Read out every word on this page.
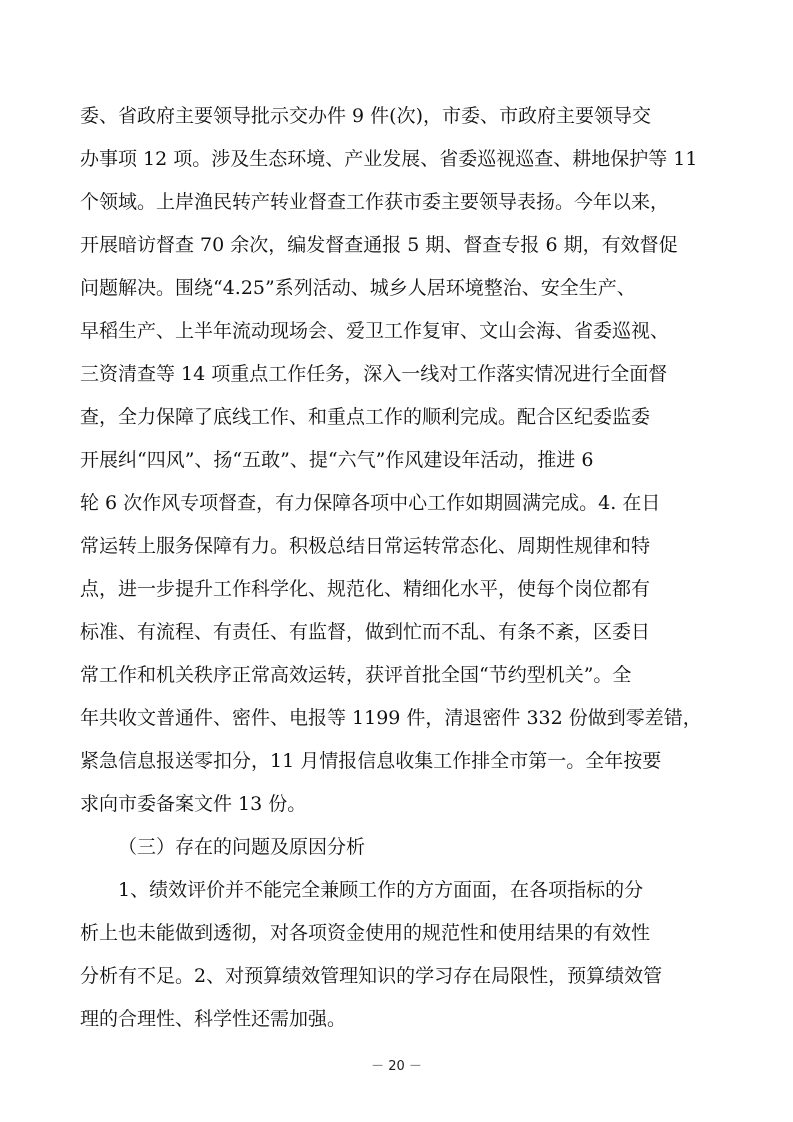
委、省政府主要领导批示交办件 9 件(次)，市委、市政府主要领导交
办事项 12 项。涉及生态环境、产业发展、省委巡视巡查、耕地保护等 11
个领域。上岸渔民转产转业督查工作获市委主要领导表扬。今年以来，
开展暗访督查 70 余次，编发督查通报 5 期、督查专报 6 期，有效督促
问题解决。围绕“4.25”系列活动、城乡人居环境整治、安全生产、
早稻生产、上半年流动现场会、爱卫工作复审、文山会海、省委巡视、
三资清查等 14 项重点工作任务，深入一线对工作落实情况进行全面督
查，全力保障了底线工作、和重点工作的顺利完成。配合区纪委监委
开展纠“四风”、扬“五敢”、提“六气”作风建设年活动，推进 6
轮 6 次作风专项督查，有力保障各项中心工作如期圆满完成。4. 在日
常运转上服务保障有力。积极总结日常运转常态化、周期性规律和特
点，进一步提升工作科学化、规范化、精细化水平，使每个岗位都有
标准、有流程、有责任、有监督，做到忙而不乱、有条不紊，区委日
常工作和机关秩序正常高效运转，获评首批全国“节约型机关”。全
年共收文普通件、密件、电报等 1199 件，清退密件 332 份做到零差错，
紧急信息报送零扣分，11 月情报信息收集工作排全市第一。全年按要
求向市委备案文件 13 份。
（三）存在的问题及原因分析
1、绩效评价并不能完全兼顾工作的方方面面，在各项指标的分
析上也未能做到透彻，对各项资金使用的规范性和使用结果的有效性
分析有不足。2、对预算绩效管理知识的学习存在局限性，预算绩效管
理的合理性、科学性还需加强。
－ 20 －
